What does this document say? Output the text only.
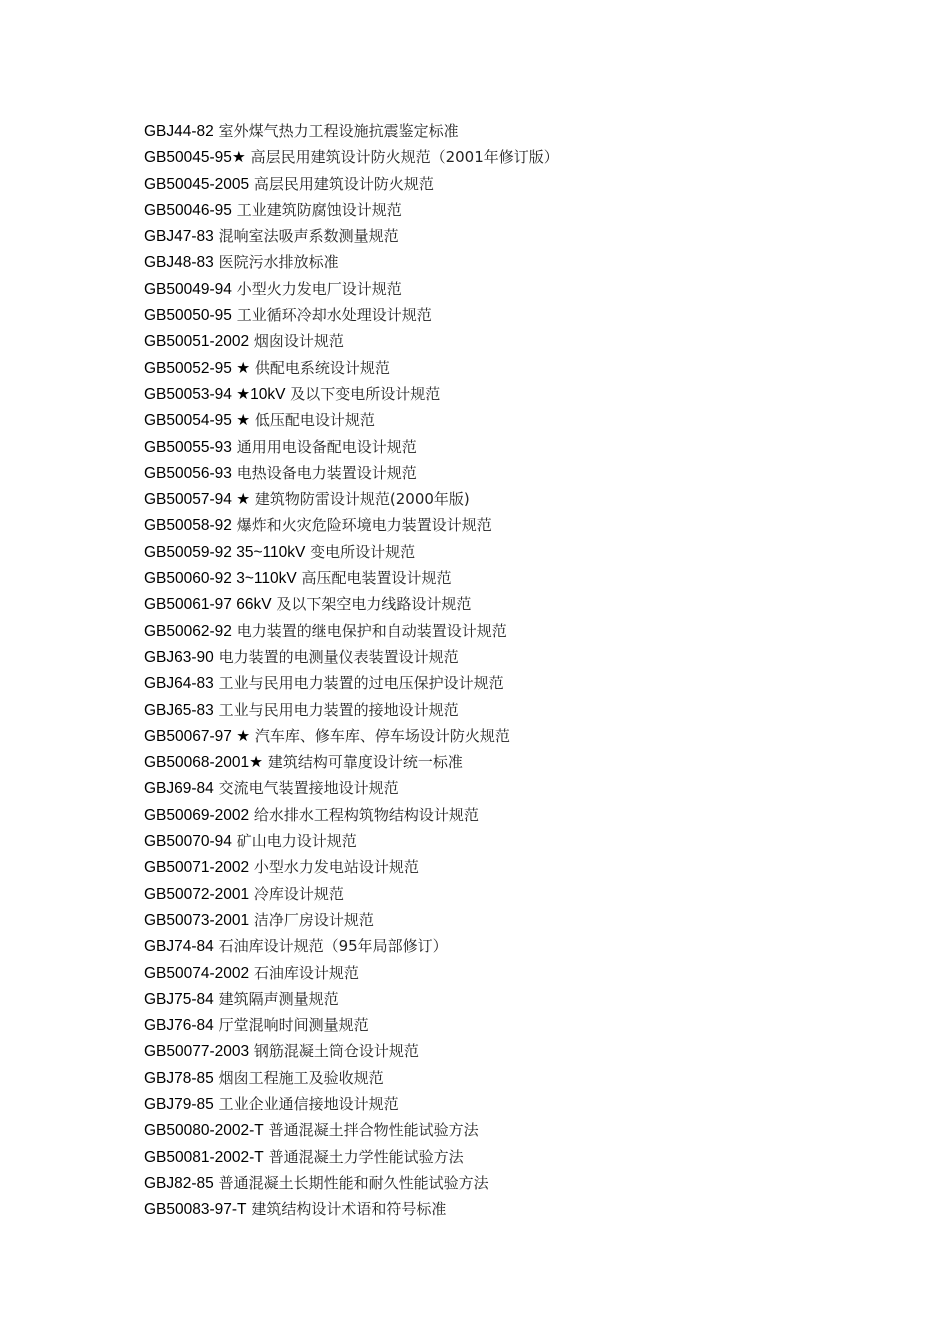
GBJ44-82 室外煤气热力工程设施抗震鉴定标准
GB50045-95★ 高层民用建筑设计防火规范（2001年修订版）
GB50045-2005 高层民用建筑设计防火规范
GB50046-95 工业建筑防腐蚀设计规范
GBJ47-83 混响室法吸声系数测量规范
GBJ48-83 医院污水排放标准
GB50049-94 小型火力发电厂设计规范
GB50050-95 工业循环冷却水处理设计规范
GB50051-2002 烟囱设计规范
GB50052-95 ★ 供配电系统设计规范
GB50053-94 ★10kV 及以下变电所设计规范
GB50054-95 ★ 低压配电设计规范
GB50055-93 通用用电设备配电设计规范
GB50056-93 电热设备电力装置设计规范
GB50057-94 ★ 建筑物防雷设计规范(2000年版)
GB50058-92 爆炸和火灾危险环境电力装置设计规范
GB50059-92 35~110kV 变电所设计规范
GB50060-92 3~110kV 高压配电装置设计规范
GB50061-97 66kV 及以下架空电力线路设计规范
GB50062-92 电力装置的继电保护和自动装置设计规范
GBJ63-90 电力装置的电测量仪表装置设计规范
GBJ64-83 工业与民用电力装置的过电压保护设计规范
GBJ65-83 工业与民用电力装置的接地设计规范
GB50067-97 ★ 汽车库、修车库、停车场设计防火规范
GB50068-2001★ 建筑结构可靠度设计统一标准
GBJ69-84 交流电气装置接地设计规范
GB50069-2002 给水排水工程构筑物结构设计规范
GB50070-94 矿山电力设计规范
GB50071-2002 小型水力发电站设计规范
GB50072-2001 冷库设计规范
GB50073-2001 洁净厂房设计规范
GBJ74-84 石油库设计规范（95年局部修订）
GB50074-2002 石油库设计规范
GBJ75-84 建筑隔声测量规范
GBJ76-84 厅堂混响时间测量规范
GB50077-2003 钢筋混凝土筒仓设计规范
GBJ78-85 烟囱工程施工及验收规范
GBJ79-85 工业企业通信接地设计规范
GB50080-2002-T 普通混凝土拌合物性能试验方法
GB50081-2002-T 普通混凝土力学性能试验方法
GBJ82-85 普通混凝土长期性能和耐久性能试验方法
GB50083-97-T 建筑结构设计术语和符号标准
